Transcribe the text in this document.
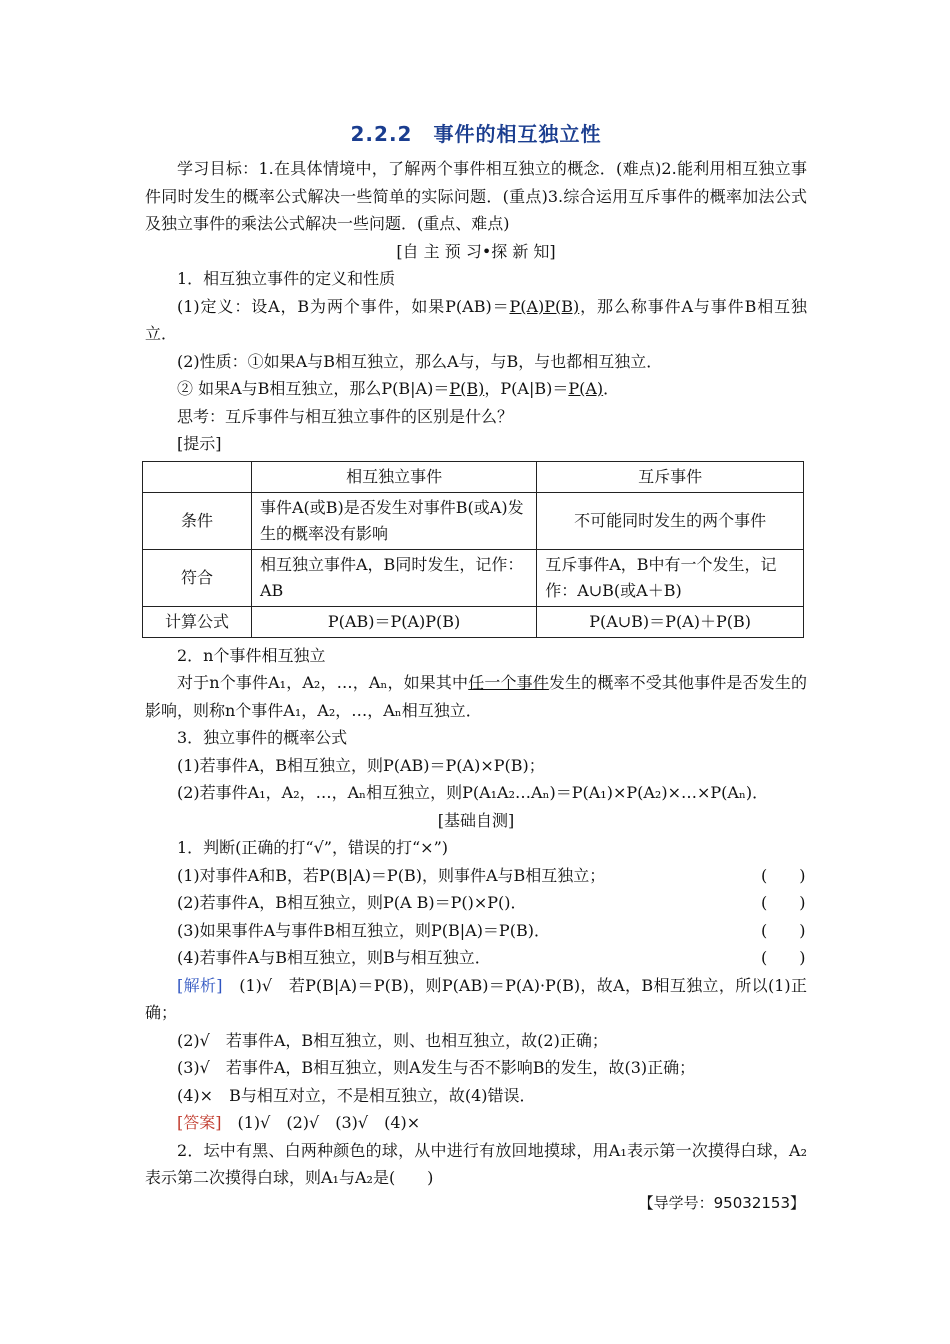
2.2.2　事件的相互独立性

学习目标：1.在具体情境中，了解两个事件相互独立的概念．(难点)2.能利用相互独立事件同时发生的概率公式解决一些简单的实际问题．(重点)3.综合运用互斥事件的概率加法公式及独立事件的乘法公式解决一些问题．(重点、难点)

[自 主 预 习•探 新 知]

1．相互独立事件的定义和性质

(1)定义：设A，B为两个事件，如果P(AB)＝P(A)P(B)，那么称事件A与事件B相互独立．

(2)性质：①如果A与B相互独立，那么A与，与B，与也都相互独立．

② 如果A与B相互独立，那么P(B|A)＝P(B)，P(A|B)＝P(A)．

思考：互斥事件与相互独立事件的区别是什么？

[提示]

	相互独立事件	互斥事件
条件	事件A(或B)是否发生对事件B(或A)发生的概率没有影响	不可能同时发生的两个事件
符合	相互独立事件A，B同时发生，记作：AB	互斥事件A，B中有一个发生，记作：A∪B(或A＋B)
计算公式	P(AB)＝P(A)P(B)	P(A∪B)＝P(A)＋P(B)

2．n个事件相互独立

对于n个事件A₁，A₂，…，Aₙ，如果其中任一个事件发生的概率不受其他事件是否发生的影响，则称n个事件A₁，A₂，…，Aₙ相互独立．

3．独立事件的概率公式

(1)若事件A，B相互独立，则P(AB)＝P(A)×P(B)；

(2)若事件A₁，A₂，…，Aₙ相互独立，则P(A₁A₂…Aₙ)＝P(A₁)×P(A₂)×…×P(Aₙ)．

[基础自测]

1．判断(正确的打“√”，错误的打“×”)

(1)对事件A和B，若P(B|A)＝P(B)，则事件A与B相互独立；	(　　)
(2)若事件A，B相互独立，则P(A B)＝P()×P()．	(　　)
(3)如果事件A与事件B相互独立，则P(B|A)＝P(B)．	(　　)
(4)若事件A与B相互独立，则B与相互独立．	(　　)

[解析]　(1)√　若P(B|A)＝P(B)，则P(AB)＝P(A)·P(B)，故A，B相互独立，所以(1)正确；

(2)√　若事件A，B相互独立，则、也相互独立，故(2)正确；

(3)√　若事件A，B相互独立，则A发生与否不影响B的发生，故(3)正确；

(4)×　B与相互对立，不是相互独立，故(4)错误．

[答案]　(1)√　(2)√　(3)√　(4)×

2．坛中有黑、白两种颜色的球，从中进行有放回地摸球，用A₁表示第一次摸得白球，A₂表示第二次摸得白球，则A₁与A₂是(　　)

【导学号：95032153】
